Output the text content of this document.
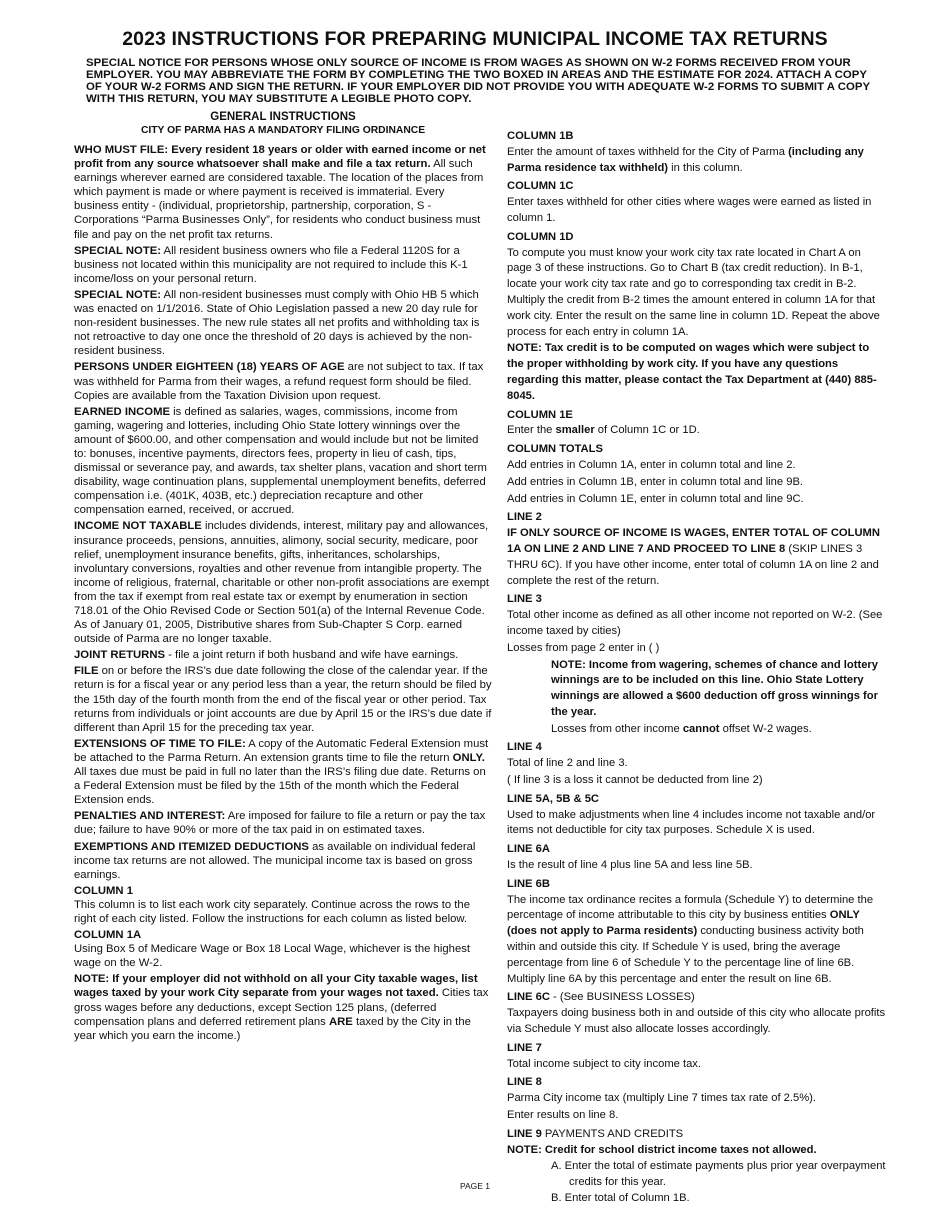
2023 INSTRUCTIONS FOR PREPARING MUNICIPAL INCOME TAX RETURNS
SPECIAL NOTICE FOR PERSONS WHOSE ONLY SOURCE OF INCOME IS FROM WAGES AS SHOWN ON W-2 FORMS RECEIVED FROM YOUR EMPLOYER. YOU MAY ABBREVIATE THE FORM BY COMPLETING THE TWO BOXED IN AREAS AND THE ESTIMATE FOR 2024. ATTACH A COPY OF YOUR W-2 FORMS AND SIGN THE RETURN. IF YOUR EMPLOYER DID NOT PROVIDE YOU WITH ADEQUATE W-2 FORMS TO SUBMIT A COPY WITH THIS RETURN, YOU MAY SUBSTITUTE A LEGIBLE PHOTO COPY.
GENERAL INSTRUCTIONS
CITY OF PARMA HAS A MANDATORY FILING ORDINANCE

WHO MUST FILE: Every resident 18 years or older with earned income or net profit from any source whatsoever shall make and file a tax return. All such earnings wherever earned are considered taxable. The location of the places from which payment is made or where payment is received is immaterial. Every business entity - (individual, proprietorship, partnership, corporation, S - Corporations “Parma Businesses Only”, for residents who conduct business must file and pay on the net profit tax returns.

SPECIAL NOTE: All resident business owners who file a Federal 1120S for a business not located within this municipality are not required to include this K-1 income/loss on your personal return.

SPECIAL NOTE: All non-resident businesses must comply with Ohio HB 5 which was enacted on 1/1/2016. State of Ohio Legislation passed a new 20 day rule for non-resident businesses. The new rule states all net profits and withholding tax is not retroactive to day one once the threshold of 20 days is achieved by the non-resident business.

PERSONS UNDER EIGHTEEN (18) YEARS OF AGE are not subject to tax. If tax was withheld for Parma from their wages, a refund request form should be filed. Copies are available from the Taxation Division upon request.

EARNED INCOME is defined as salaries, wages, commissions, income from gaming, wagering and lotteries, including Ohio State lottery winnings over the amount of $600.00, and other compensation and would include but not be limited to: bonuses, incentive payments, directors fees, property in lieu of cash, tips, dismissal or severance pay, and awards, tax shelter plans, vacation and short term disability, wage continuation plans, supplemental unemployment benefits, deferred compensation i.e. (401K, 403B, etc.) depreciation recapture and other compensation earned, received, or accrued.

INCOME NOT TAXABLE includes dividends, interest, military pay and allowances, insurance proceeds, pensions, annuities, alimony, social security, medicare, poor relief, unemployment insurance benefits, gifts, inheritances, scholarships, involuntary conversions, royalties and other revenue from intangible property. The income of religious, fraternal, charitable or other non-profit associations are exempt from the tax if exempt from real estate tax or exempt by enumeration in section 718.01 of the Ohio Revised Code or Section 501(a) of the Internal Revenue Code. As of January 01, 2005, Distributive shares from Sub-Chapter S Corp. earned outside of Parma are no longer taxable.

JOINT RETURNS - file a joint return if both husband and wife have earnings.

FILE on or before the IRS’s due date following the close of the calendar year. If the return is for a fiscal year or any period less than a year, the return should be filed by the 15th day of the fourth month from the end of the fiscal year or other period. Tax returns from individuals or joint accounts are due by April 15 or the IRS’s due date if different than April 15 for the preceding tax year.

EXTENSIONS OF TIME TO FILE: A copy of the Automatic Federal Extension must be attached to the Parma Return. An extension grants time to file the return ONLY. All taxes due must be paid in full no later than the IRS’s filing due date. Returns on a Federal Extension must be filed by the 15th of the month which the Federal Extension ends.

PENALTIES AND INTEREST: Are imposed for failure to file a return or pay the tax due; failure to have 90% or more of the tax paid in on estimated taxes.

EXEMPTIONS AND ITEMIZED DEDUCTIONS as available on individual federal income tax returns are not allowed. The municipal income tax is based on gross earnings.

COLUMN 1

This column is to list each work city separately. Continue across the rows to the right of each city listed. Follow the instructions for each column as listed below.

COLUMN 1A

Using Box 5 of Medicare Wage or Box 18 Local Wage, whichever is the highest wage on the W-2.

NOTE: If your employer did not withhold on all your City taxable wages, list wages taxed by your work City separate from your wages not taxed. Cities tax gross wages before any deductions, except Section 125 plans, (deferred compensation plans and deferred retirement plans ARE taxed by the City in the year which you earn the income.)

COLUMN 1B

Enter the amount of taxes withheld for the City of Parma (including any Parma residence tax withheld) in this column.

COLUMN 1C

Enter taxes withheld for other cities where wages were earned as listed in column 1.

COLUMN 1D

To compute you must know your work city tax rate located in Chart A on page 3 of these instructions. Go to Chart B (tax credit reduction). In B-1, locate your work city tax rate and go to corresponding tax credit in B-2. Multiply the credit from B-2 times the amount entered in column 1A for that work city. Enter the result on the same line in column 1D. Repeat the above process for each entry in column 1A.

NOTE: Tax credit is to be computed on wages which were subject to the proper withholding by work city. If you have any questions regarding this matter, please contact the Tax Department at (440) 885-8045.

COLUMN 1E

Enter the smaller of Column 1C or 1D.

COLUMN TOTALS

Add entries in Column 1A, enter in column total and line 2.

Add entries in Column 1B, enter in column total and line 9B.

Add entries in Column 1E, enter in column total and line 9C.

LINE 2

IF ONLY SOURCE OF INCOME IS WAGES, ENTER TOTAL OF COLUMN 1A ON LINE 2 AND LINE 7 AND PROCEED TO LINE 8 (SKIP LINES 3 THRU 6C). If you have other income, enter total of column 1A on line 2 and complete the rest of the return.

LINE 3

Total other income as defined as all other income not reported on W-2. (See income taxed by cities)

Losses from page 2 enter in ( )

NOTE: Income from wagering, schemes of chance and lottery winnings are to be included on this line. Ohio State Lottery winnings are allowed a $600 deduction off gross winnings for the year.

Losses from other income cannot offset W-2 wages.

LINE 4

Total of line 2 and line 3.

( If line 3 is a loss it cannot be deducted from line 2)

LINE 5A, 5B & 5C

Used to make adjustments when line 4 includes income not taxable and/or items not deductible for city tax purposes. Schedule X is used.

LINE 6A

Is the result of line 4 plus line 5A and less line 5B.

LINE 6B

The income tax ordinance recites a formula (Schedule Y) to determine the percentage of income attributable to this city by business entities ONLY (does not apply to Parma residents) conducting business activity both within and outside this city. If Schedule Y is used, bring the average percentage from line 6 of Schedule Y to the percentage line of line 6B. Multiply line 6A by this percentage and enter the result on line 6B.

LINE 6C - (See BUSINESS LOSSES)

Taxpayers doing business both in and outside of this city who allocate profits via Schedule Y must also allocate losses accordingly.

LINE 7

Total income subject to city income tax.

LINE 8

Parma City income tax (multiply Line 7 times tax rate of 2.5%).

Enter results on line 8.

LINE 9 PAYMENTS AND CREDITS

NOTE: Credit for school district income taxes not allowed.

A. Enter the total of estimate payments plus prior year overpayment credits for this year.
B. Enter total of Column 1B.
PAGE 1
